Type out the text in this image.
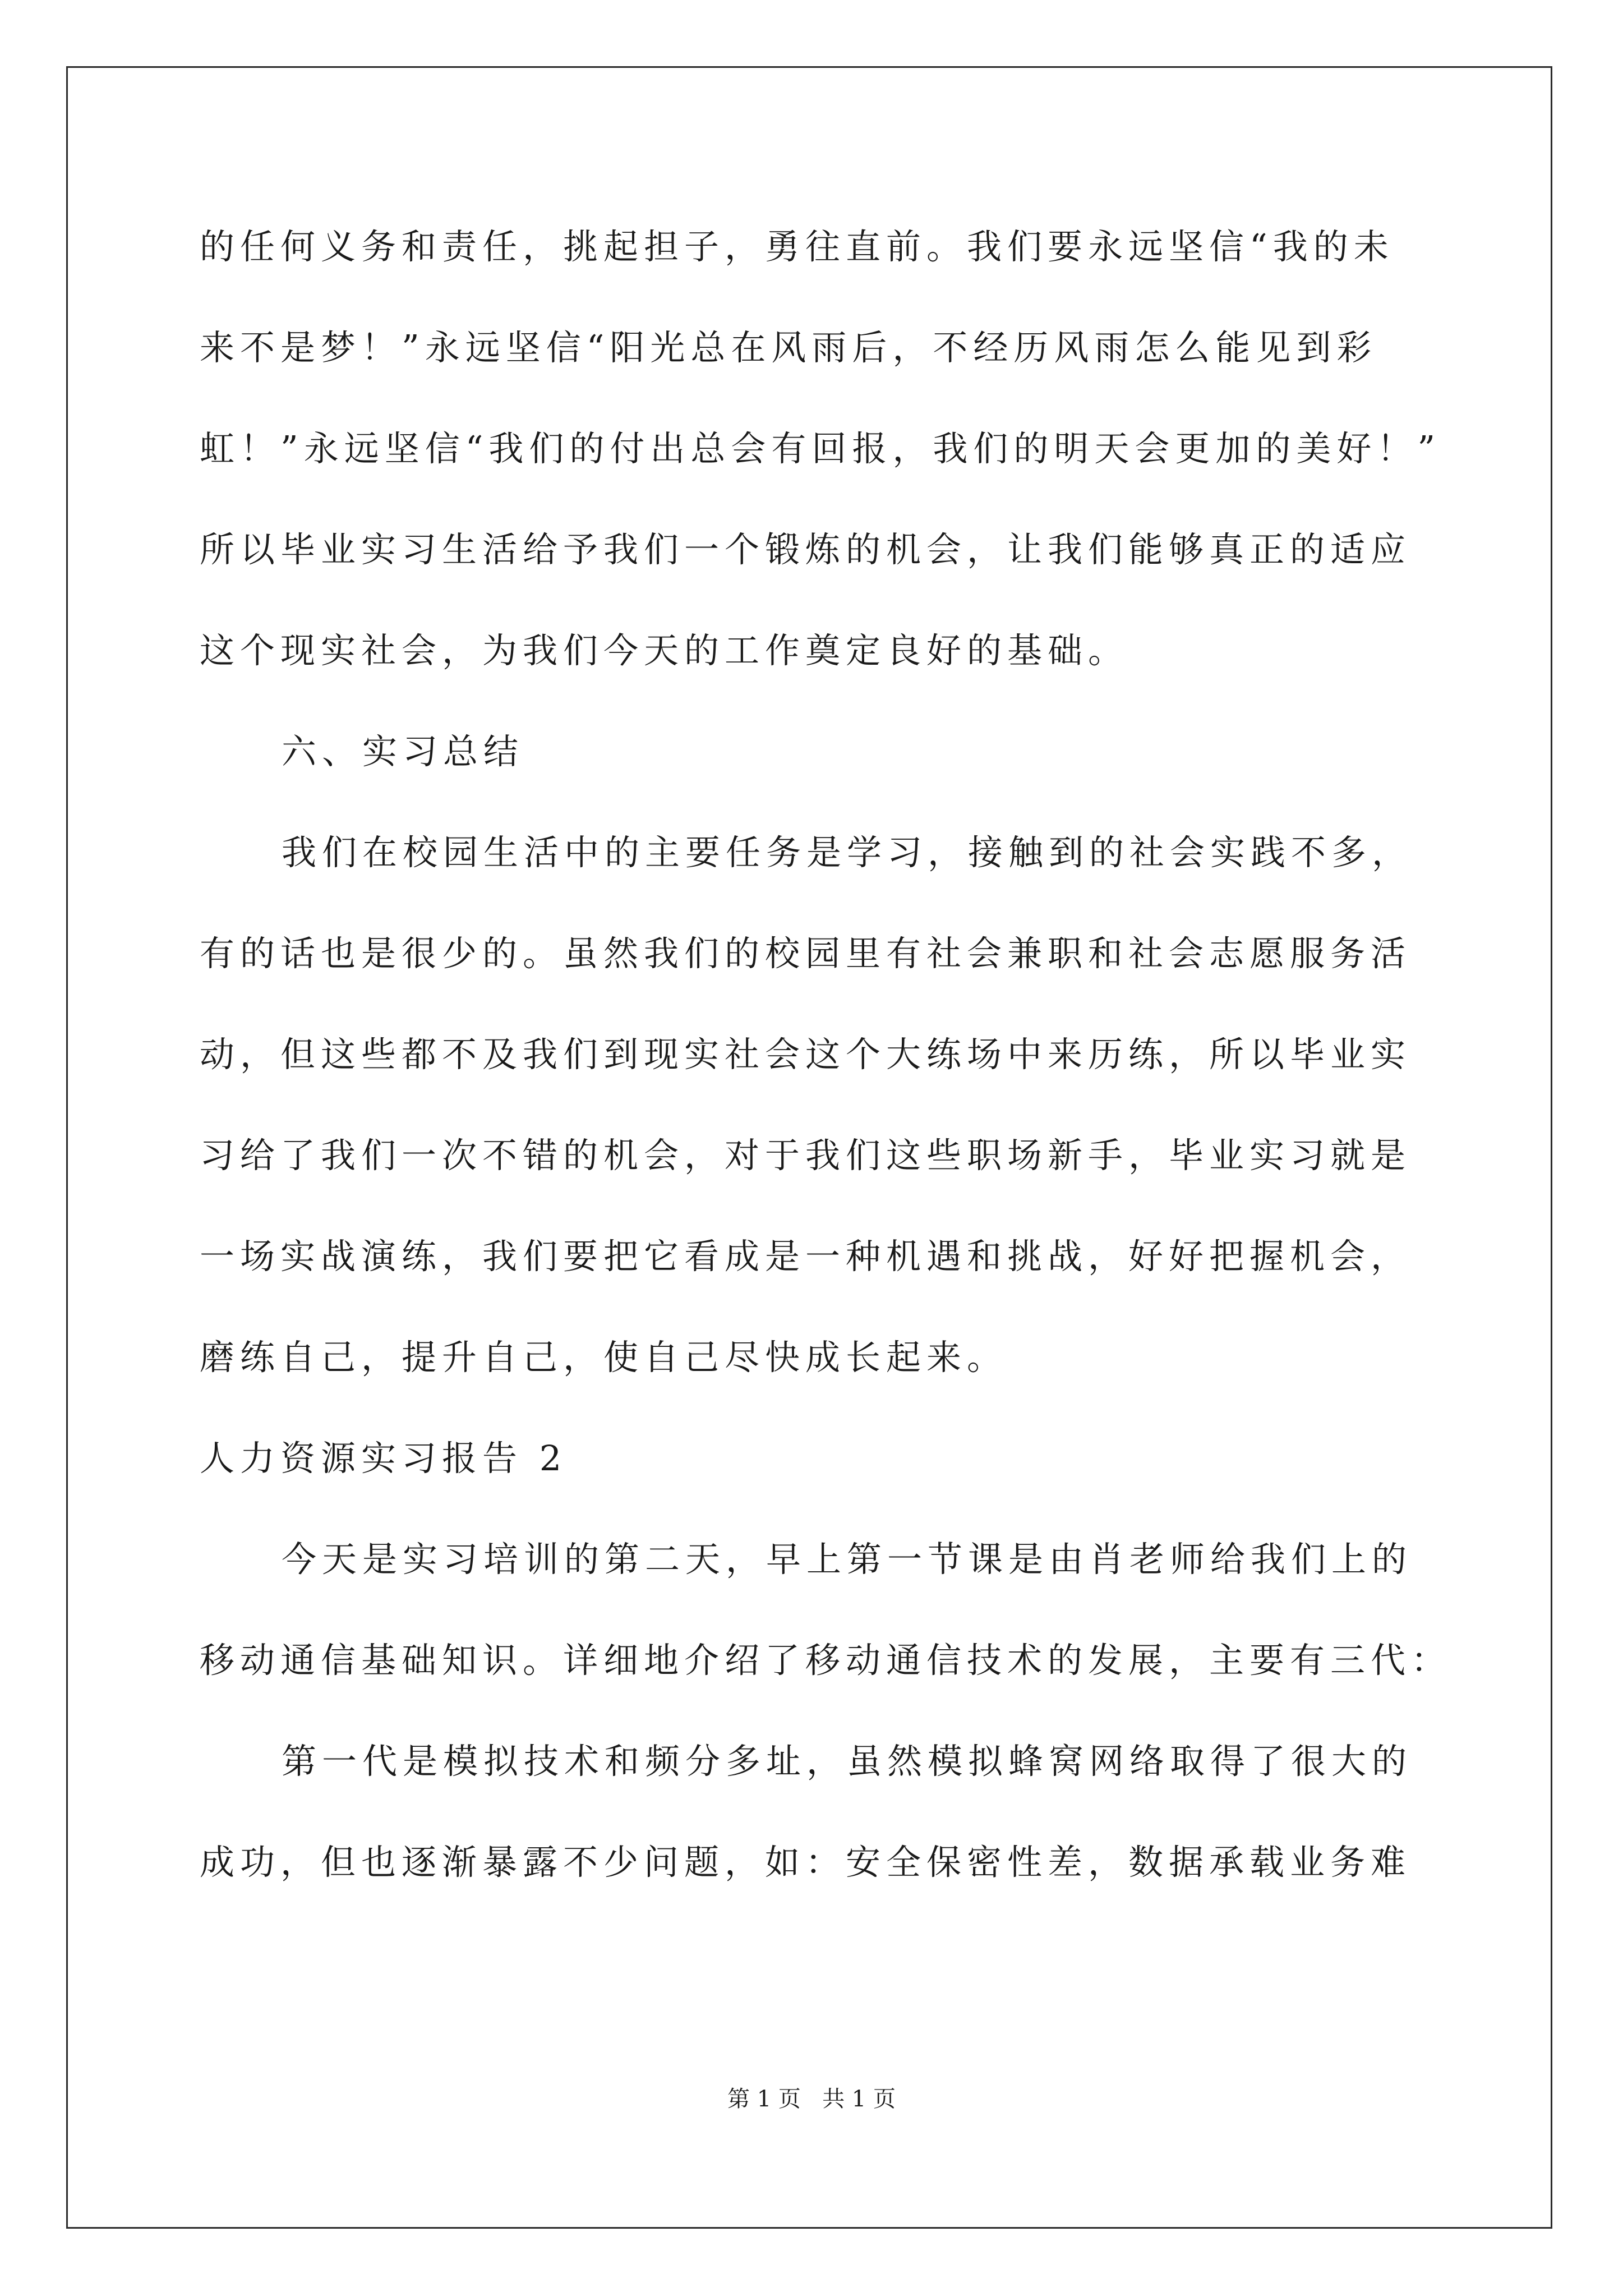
的任何义务和责任，挑起担子，勇往直前。我们要永远坚信“我的未
来不是梦！”永远坚信“阳光总在风雨后，不经历风雨怎么能见到彩
虹！”永远坚信“我们的付出总会有回报，我们的明天会更加的美好！”
所以毕业实习生活给予我们一个锻炼的机会，让我们能够真正的适应
这个现实社会，为我们今天的工作奠定良好的基础。
六、实习总结
我们在校园生活中的主要任务是学习，接触到的社会实践不多，
有的话也是很少的。虽然我们的校园里有社会兼职和社会志愿服务活
动，但这些都不及我们到现实社会这个大练场中来历练，所以毕业实
习给了我们一次不错的机会，对于我们这些职场新手，毕业实习就是
一场实战演练，我们要把它看成是一种机遇和挑战，好好把握机会，
磨练自己，提升自己，使自己尽快成长起来。
人力资源实习报告 2
今天是实习培训的第二天，早上第一节课是由肖老师给我们上的
移动通信基础知识。详细地介绍了移动通信技术的发展，主要有三代：
第一代是模拟技术和频分多址，虽然模拟蜂窝网络取得了很大的
成功，但也逐渐暴露不少问题，如：安全保密性差，数据承载业务难
第 1 页   共 1 页
